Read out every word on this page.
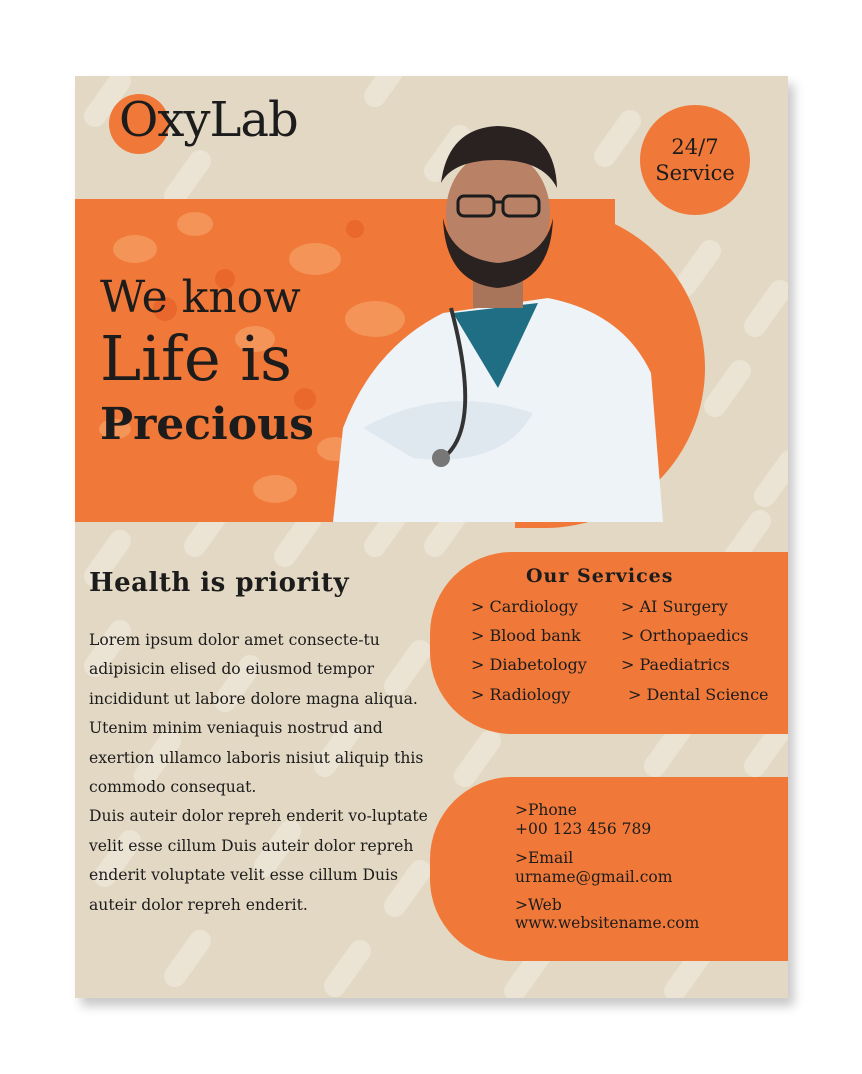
OxyLab	24/7
Service
We know
Life is
Precious
Health is priority

Lorem ipsum dolor amet consecte-tu adipisicin elised do eiusmod tempor incididunt ut labore dolore magna aliqua.

Utenim minim veniaquis nostrud and exertion ullamco laboris nisiut aliquip this commodo consequat.

Duis auteir dolor repreh enderit vo-luptate velit esse cillum Duis auteir dolor repreh enderit voluptate velit esse cillum Duis auteir dolor repreh enderit.

Our Services
> Cardiology
> Blood bank
> Diabetology
> Radiology
> AI Surgery
> Orthopaedics
> Paediatrics
> Dental Science
>Phone
+00 123 456 789
>Email
urname@gmail.com
>Web
www.websitename.com
